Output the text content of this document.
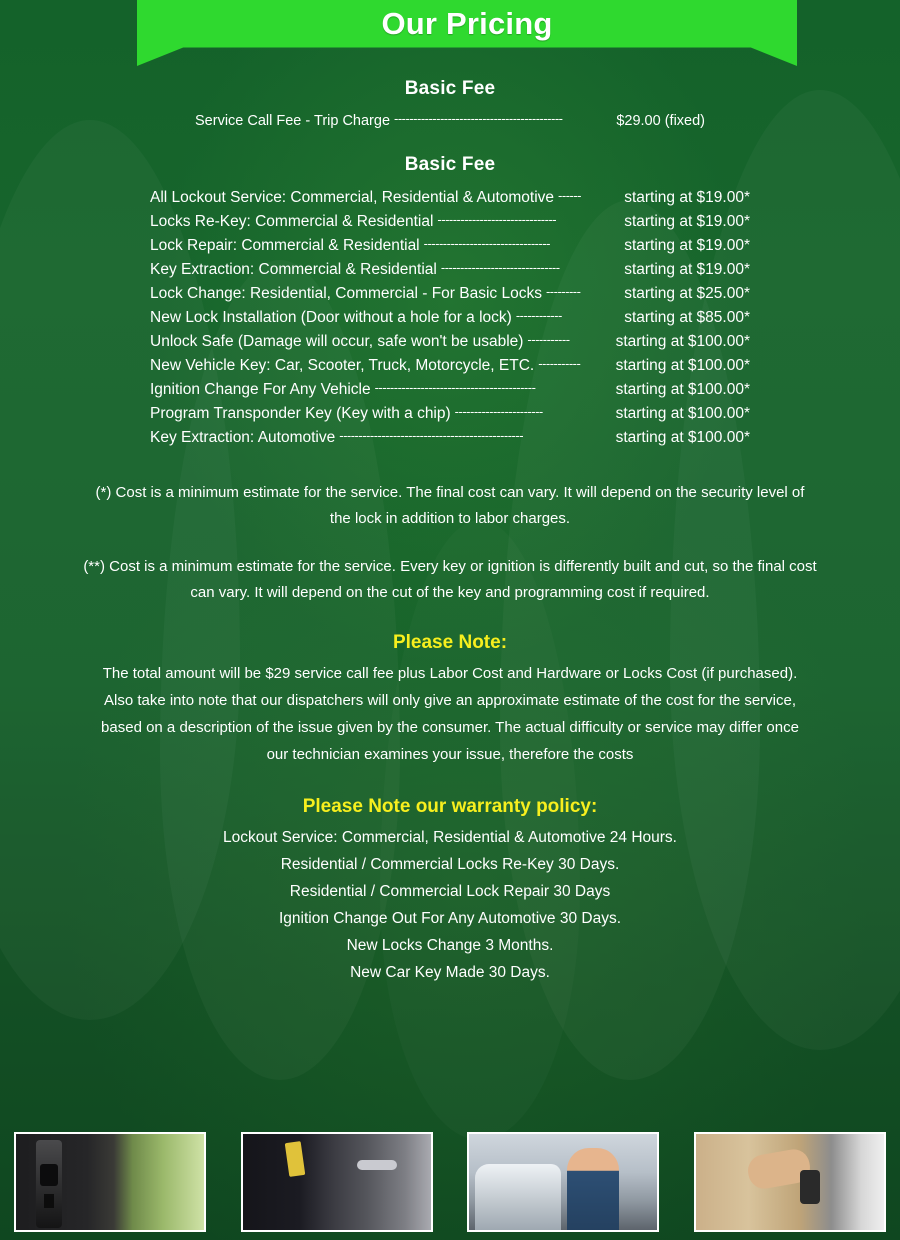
Our Pricing
Basic Fee
Service Call Fee - Trip Charge --------------------------------------------	$29.00 (fixed)
Basic Fee
All Lockout Service: Commercial, Residential & Automotive ------	starting at $19.00*
Locks Re-Key: Commercial & Residential -------------------------------	starting at $19.00*
Lock Repair: Commercial & Residential ---------------------------------	starting at $19.00*
Key Extraction: Commercial & Residential -------------------------------	starting at $19.00*
Lock Change: Residential, Commercial - For Basic Locks ---------	starting at $25.00*
New Lock Installation (Door without a hole for a lock) ------------	starting at $85.00*
Unlock Safe (Damage will occur, safe won't be usable) -----------	starting at $100.00*
New Vehicle Key: Car, Scooter, Truck, Motorcycle, ETC. -----------	starting at $100.00*
Ignition Change For Any Vehicle ------------------------------------------	starting at $100.00*
Program Transponder Key (Key with a chip) -----------------------	starting at $100.00*
Key Extraction: Automotive ------------------------------------------------	starting at $100.00*
(*) Cost is a minimum estimate for the service. The final cost can vary. It will depend on the security level of the lock in addition to labor charges.
(**) Cost is a minimum estimate for the service. Every key or ignition is differently built and cut, so the final cost can vary. It will depend on the cut of the key and programming cost if required.
Please Note:
The total amount will be $29 service call fee plus Labor Cost and Hardware or Locks Cost (if purchased). Also take into note that our dispatchers will only give an approximate estimate of the cost for the service, based on a description of the issue given by the consumer. The actual difficulty or service may differ once our technician examines your issue, therefore the costs
Please Note our warranty policy:
Lockout Service: Commercial, Residential & Automotive 24 Hours.
Residential / Commercial Locks Re-Key 30 Days.
Residential / Commercial Lock Repair 30 Days
Ignition Change Out For Any Automotive 30 Days.
New Locks Change 3 Months.
New Car Key Made 30 Days.
